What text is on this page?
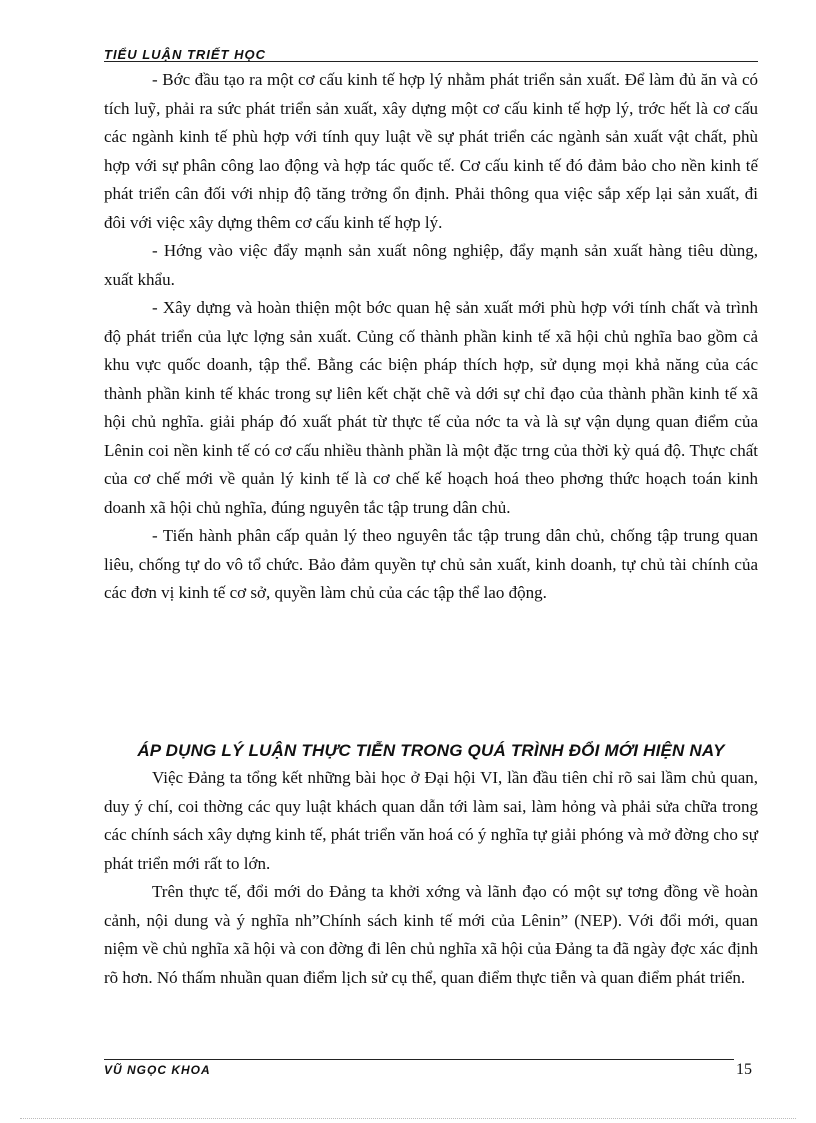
TIỂU LUẬN TRIẾT HỌC

- Bớc đầu tạo ra một cơ cấu kinh tế hợp lý nhằm phát triển sản xuất. Để làm đủ ăn và có tích luỹ, phải ra sức phát triển sản xuất, xây dựng một cơ cấu kinh tế hợp lý, trớc hết là cơ cấu các ngành kinh tế phù hợp với tính quy luật về sự phát triển các ngành sản xuất vật chất, phù hợp với sự phân công lao động và hợp tác quốc tế. Cơ cấu kinh tế đó đảm bảo cho nền kinh tế phát triển cân đối với nhịp độ tăng trởng ổn định. Phải thông qua việc sắp xếp lại sản xuất, đi đôi với việc xây dựng thêm cơ cấu kinh tế hợp lý.

- Hớng vào việc đẩy mạnh sản xuất nông nghiệp, đẩy mạnh sản xuất hàng tiêu dùng, xuất khẩu.

- Xây dựng và hoàn thiện một bớc quan hệ sản xuất mới phù hợp với tính chất và trình độ phát triển của lực lợng sản xuất. Củng cố thành phần kinh tế xã hội chủ nghĩa bao gồm cả khu vực quốc doanh, tập thể. Bằng các biện pháp thích hợp, sử dụng mọi khả năng của các thành phần kinh tế khác trong sự liên kết chặt chẽ và dới sự chỉ đạo của thành phần kinh tế xã hội chủ nghĩa. giải pháp đó xuất phát từ thực tế của nớc ta và là sự vận dụng quan điểm của Lênin coi nền kinh tế có cơ cấu nhiều thành phần là một đặc trng của thời kỳ quá độ. Thực chất của cơ chế mới về quản lý kinh tế là cơ chế kế hoạch hoá theo phơng thức hoạch toán kinh doanh xã hội chủ nghĩa, đúng nguyên tắc tập trung dân chủ.

- Tiến hành phân cấp quản lý theo nguyên tắc tập trung dân chủ, chống tập trung quan liêu, chống tự do vô tổ chức. Bảo đảm quyền tự chủ sản xuất, kinh doanh, tự chủ tài chính của các đơn vị kinh tế cơ sở, quyền làm chủ của các tập thể lao động.

ÁP DỤNG LÝ LUẬN THỰC TIỄN TRONG QUÁ TRÌNH ĐỔI MỚI HIỆN NAY

Việc Đảng ta tổng kết những bài học ở Đại hội VI, lần đầu tiên chỉ rõ sai lầm chủ quan, duy ý chí, coi thờng các quy luật khách quan dẫn tới làm sai, làm hỏng và phải sửa chữa trong các chính sách xây dựng kinh tế, phát triển văn hoá có ý nghĩa tự giải phóng và mở đờng cho sự phát triển mới rất to lớn.

Trên thực tế, đổi mới do Đảng ta khởi xớng và lãnh đạo có một sự tơng đồng về hoàn cảnh, nội dung và ý nghĩa nh”Chính sách kinh tế mới của Lênin” (NEP). Với đổi mới, quan niệm về chủ nghĩa xã hội và con đờng đi lên chủ nghĩa xã hội của Đảng ta đã ngày đợc xác định rõ hơn. Nó thấm nhuần quan điểm lịch sử cụ thể, quan điểm thực tiễn và quan điểm phát triển.

VŨ NGỌC KHOA	15
